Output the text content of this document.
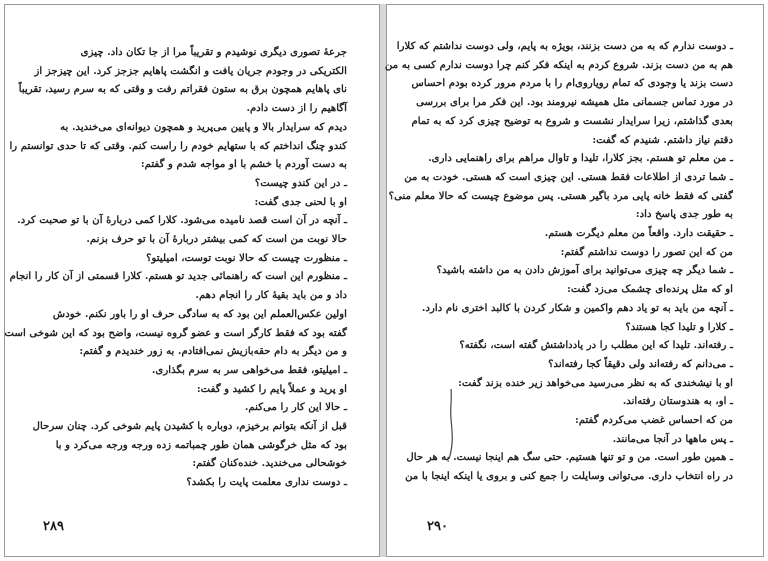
جرعهٔ تصوری دیگری نوشیدم و تقریباً مرا از جا تکان داد. چیزی
الکتریکی در وجودم جریان یافت و انگشت پاهایم جزجز کرد. این چیزجز از
نای پاهایم همچون برق به ستون فقراتم رفت و وقتی که به سرم رسید، تقریباً
آگاهیم را از دست دادم.
دیدم که سرایدار بالا و پایین می‌پرید و همچون دیوانه‌ای می‌خندید. به
کندو چنگ انداختم که با ستهایم خودم را راست کنم. وقتی که تا حدی توانستم را
به دست آوردم با خشم با او مواجه شدم و گفتم:
ـ در این کندو چیست؟
او با لحنی جدی گفت:
ـ آنچه در آن است قصد نامیده می‌شود. کلارا کمی دربارهٔ آن با تو صحبت کرد.
حالا نوبت من است که کمی بیشتر دربارهٔ آن با تو حرف بزنم.
ـ منظورت چیست که حالا نوبت توست، امیلیتو؟
ـ منظورم این است که راهنمائی جدید تو هستم. کلارا قسمتی از آن کار را انجام
داد و من باید بقیهٔ کار را انجام دهم.
اولین عکس‌العملم این بود که به سادگی حرف او را باور نکنم. خودش
گفته بود که فقط کارگر است و عضو گروه نیست، واضح بود که این شوخی است
و من دیگر به دام حقه‌بازیش نمی‌افتادم. به زور خندیدم و گفتم:
ـ امیلیتو، فقط می‌خواهی سر به سرم بگذاری.
او پرید و عملاً پایم را کشید و گفت:
ـ حالا این کار را می‌کنم.
قبل از آنکه بتوانم برخیزم، دوباره با کشیدن پایم شوخی کرد. چنان سرحال
بود که مثل خرگوشی همان طور چمباتمه زده ورجه ورجه می‌کرد و با
خوشحالی می‌خندید. خنده‌کنان گفتم:
ـ دوست نداری معلمت پایت را بکشد؟
۲۸۹
ـ دوست ندارم که به من دست بزنند، بویژه به پایم، ولی دوست نداشتم که کلارا
هم به من دست بزند. شروع کردم به اینکه فکر کنم چرا دوست ندارم کسی به من
دست بزند یا وجودی که تمام رویاروی‌ام را با مردم مرور کرده بودم احساس
در مورد تماس جسمانی مثل همیشه نیرومند بود. این فکر مرا برای بررسی
بعدی گذاشتم، زیرا سرایدار نشست و شروع به توضیح چیزی کرد که به تمام
دقتم نیاز داشتم. شنیدم که گفت:
ـ من معلم تو هستم. بجز کلارا، تلیدا و تاوال مراهم برای راهنمایی داری.
ـ شما تردی از اطلاعات فقط هستی. این چیزی است که هستی. خودت به من
گفتی که فقط خانه پایی مرد باگیر هستی. پس موضوع چیست که حالا معلم منی؟
به طور جدی پاسخ داد:
ـ حقیقت دارد. واقعاً من معلم دیگرت هستم.
من که این تصور را دوست نداشتم گفتم:
ـ شما دیگر چه چیزی می‌توانید برای آموزش دادن به من داشته باشید؟
او که مثل پرنده‌ای چشمک می‌زد گفت:
ـ آنچه من باید به تو یاد دهم واکمین و شکار کردن با کالبد اختری نام دارد.
ـ کلارا و تلیدا کجا هستند؟
ـ رفته‌اند. تلیدا که این مطلب را در یادداشتش گفته است، نگفته؟
ـ می‌دانم که رفته‌اند ولی دقیقاً کجا رفته‌اند؟
او با نیشخندی که به نظر می‌رسید می‌خواهد زیر خنده بزند گفت:
ـ او، به هندوستان رفته‌اند.
من که احساس غضب می‌کردم گفتم:
ـ پس ماهها در آنجا می‌مانند.
ـ همین طور است. من و تو تنها هستیم. حتی سگ هم اینجا نیست. به هر حال
در راه انتخاب داری. می‌توانی وسایلت را جمع کنی و بروی یا اینکه اینجا با من
۲۹۰
